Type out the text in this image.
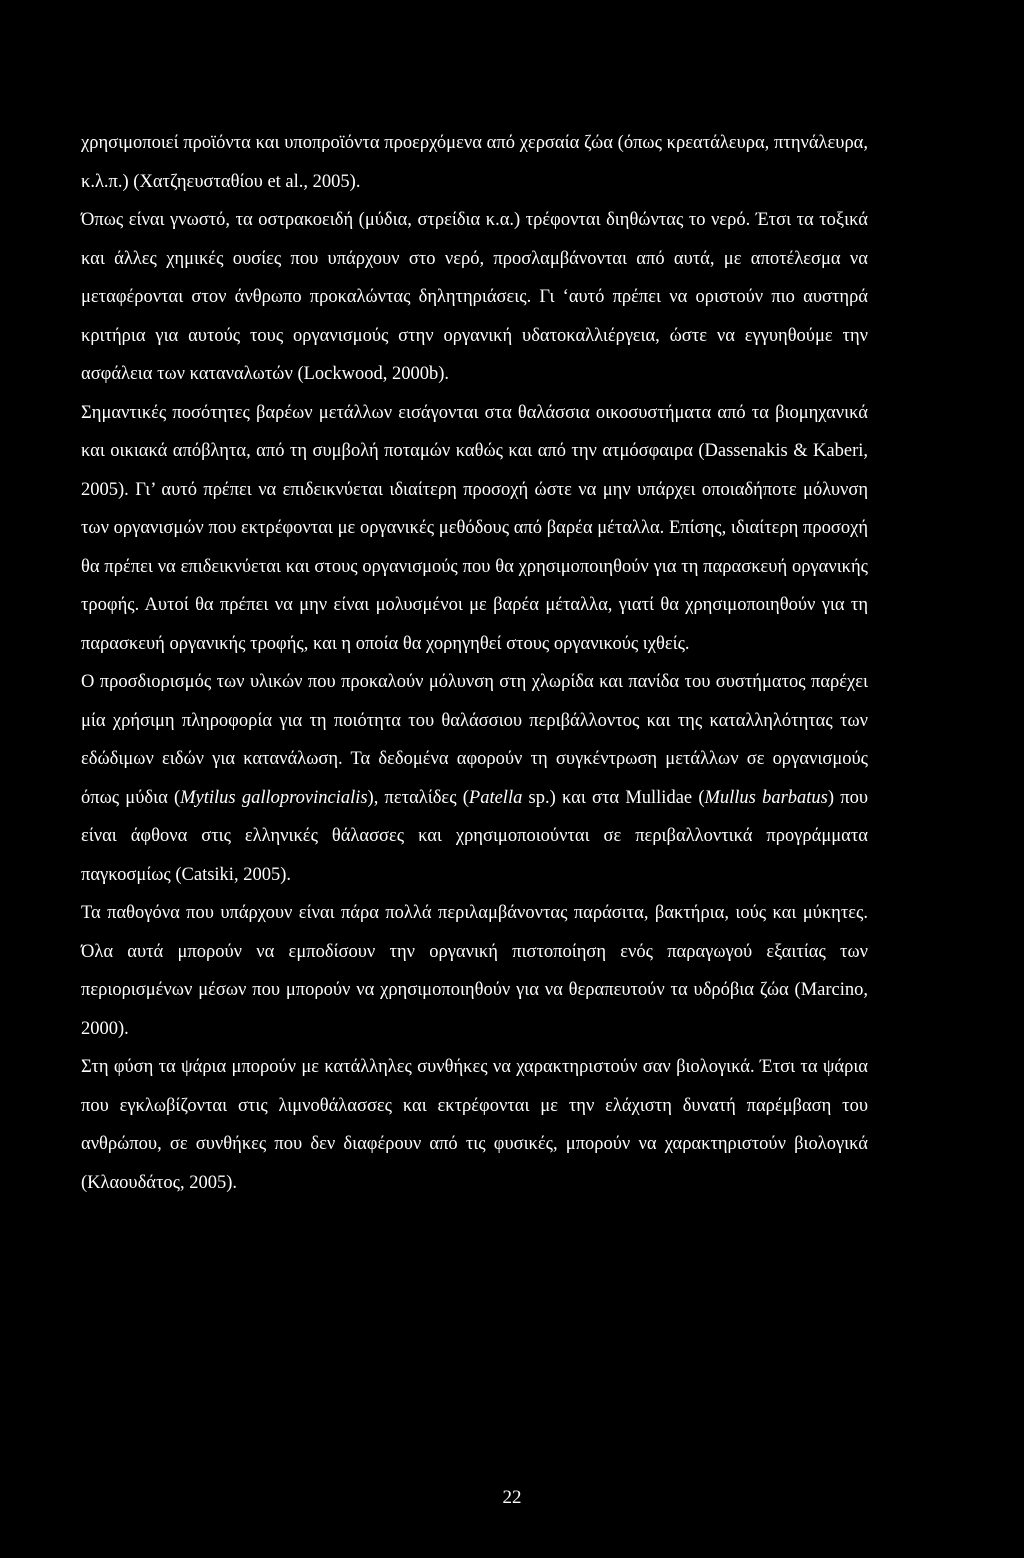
χρησιμοποιεί προϊόντα και υποπροϊόντα προερχόμενα από χερσαία ζώα (όπως κρεατάλευρα, πτηνάλευρα, κ.λ.π.) (Χατζηευσταθίου et al., 2005).

Όπως είναι γνωστό, τα οστρακοειδή (μύδια, στρείδια κ.α.) τρέφονται διηθώντας το νερό. Έτσι τα τοξικά και άλλες χημικές ουσίες που υπάρχουν στο νερό, προσλαμβάνονται από αυτά, με αποτέλεσμα να μεταφέρονται στον άνθρωπο προκαλώντας δηλητηριάσεις. Γι ‘αυτό πρέπει να οριστούν πιο αυστηρά κριτήρια για αυτούς τους οργανισμούς στην οργανική υδατοκαλλιέργεια, ώστε να εγγυηθούμε την ασφάλεια των καταναλωτών (Lockwood, 2000b).

Σημαντικές ποσότητες βαρέων μετάλλων εισάγονται στα θαλάσσια οικοσυστήματα από τα βιομηχανικά και οικιακά απόβλητα, από τη συμβολή ποταμών καθώς και από την ατμόσφαιρα (Dassenakis & Kaberi, 2005). Γι’ αυτό πρέπει να επιδεικνύεται ιδιαίτερη προσοχή ώστε να μην υπάρχει οποιαδήποτε μόλυνση των οργανισμών που εκτρέφονται με οργανικές μεθόδους από βαρέα μέταλλα. Επίσης, ιδιαίτερη προσοχή θα πρέπει να επιδεικνύεται και στους οργανισμούς που θα χρησιμοποιηθούν για τη παρασκευή οργανικής τροφής. Αυτοί θα πρέπει να μην είναι μολυσμένοι με βαρέα μέταλλα, γιατί θα χρησιμοποιηθούν για τη παρασκευή οργανικής τροφής, και η οποία θα χορηγηθεί στους οργανικούς ιχθείς.

Ο προσδιορισμός των υλικών που προκαλούν μόλυνση στη χλωρίδα και πανίδα του συστήματος παρέχει μία χρήσιμη πληροφορία για τη ποιότητα του θαλάσσιου περιβάλλοντος και της καταλληλότητας των εδώδιμων ειδών για κατανάλωση. Τα δεδομένα αφορούν τη συγκέντρωση μετάλλων σε οργανισμούς όπως μύδια (Mytilus galloprovincialis), πεταλίδες (Patella sp.) και στα Mullidae (Mullus barbatus) που είναι άφθονα στις ελληνικές θάλασσες και χρησιμοποιούνται σε περιβαλλοντικά προγράμματα παγκοσμίως (Catsiki, 2005).

Τα παθογόνα που υπάρχουν είναι πάρα πολλά περιλαμβάνοντας παράσιτα, βακτήρια, ιούς και μύκητες. Όλα αυτά μπορούν να εμποδίσουν την οργανική πιστοποίηση ενός παραγωγού εξαιτίας των περιορισμένων μέσων που μπορούν να χρησιμοποιηθούν για να θεραπευτούν τα υδρόβια ζώα (Marcino, 2000).

Στη φύση τα ψάρια μπορούν με κατάλληλες συνθήκες να χαρακτηριστούν σαν βιολογικά. Έτσι τα ψάρια που εγκλωβίζονται στις λιμνοθάλασσες και εκτρέφονται με την ελάχιστη δυνατή παρέμβαση του ανθρώπου, σε συνθήκες που δεν διαφέρουν από τις φυσικές, μπορούν να χαρακτηριστούν βιολογικά (Κλαουδάτος, 2005).

22
